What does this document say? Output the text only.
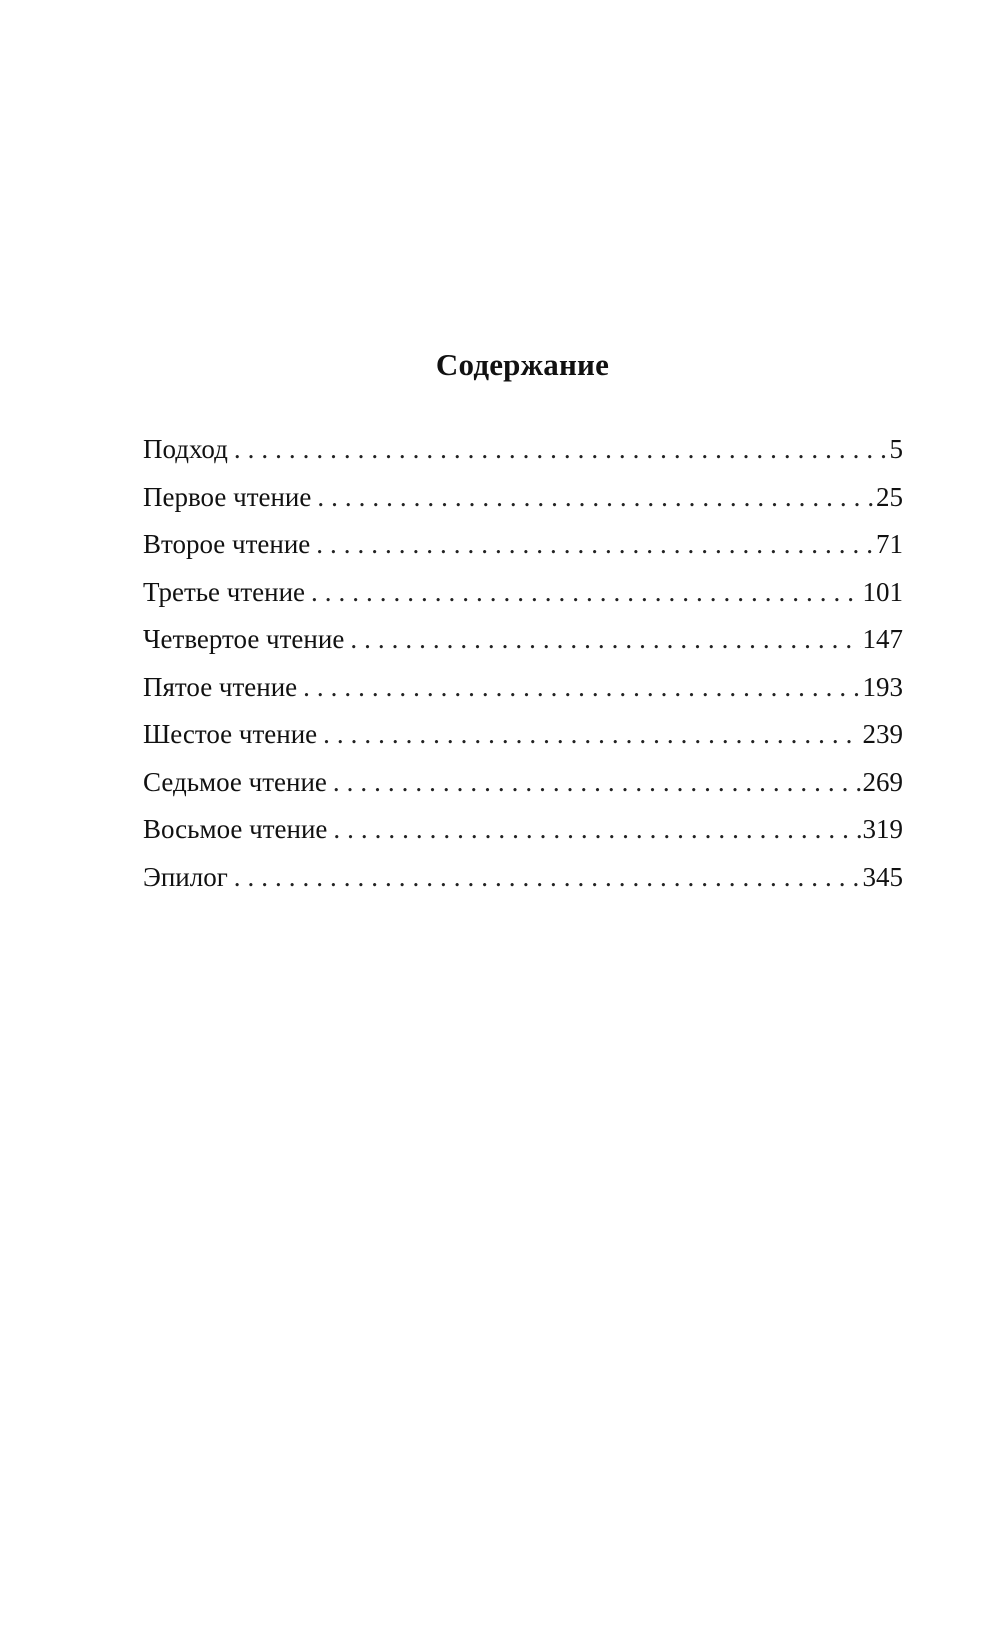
Содержание
Подход .....	5
Первое чтение .....	25
Второе чтение .....	71
Третье чтение .....	101
Четвертое чтение .....	147
Пятое чтение .....	193
Шестое чтение .....	239
Седьмое чтение .....	269
Восьмое чтение .....	319
Эпилог .....	345
